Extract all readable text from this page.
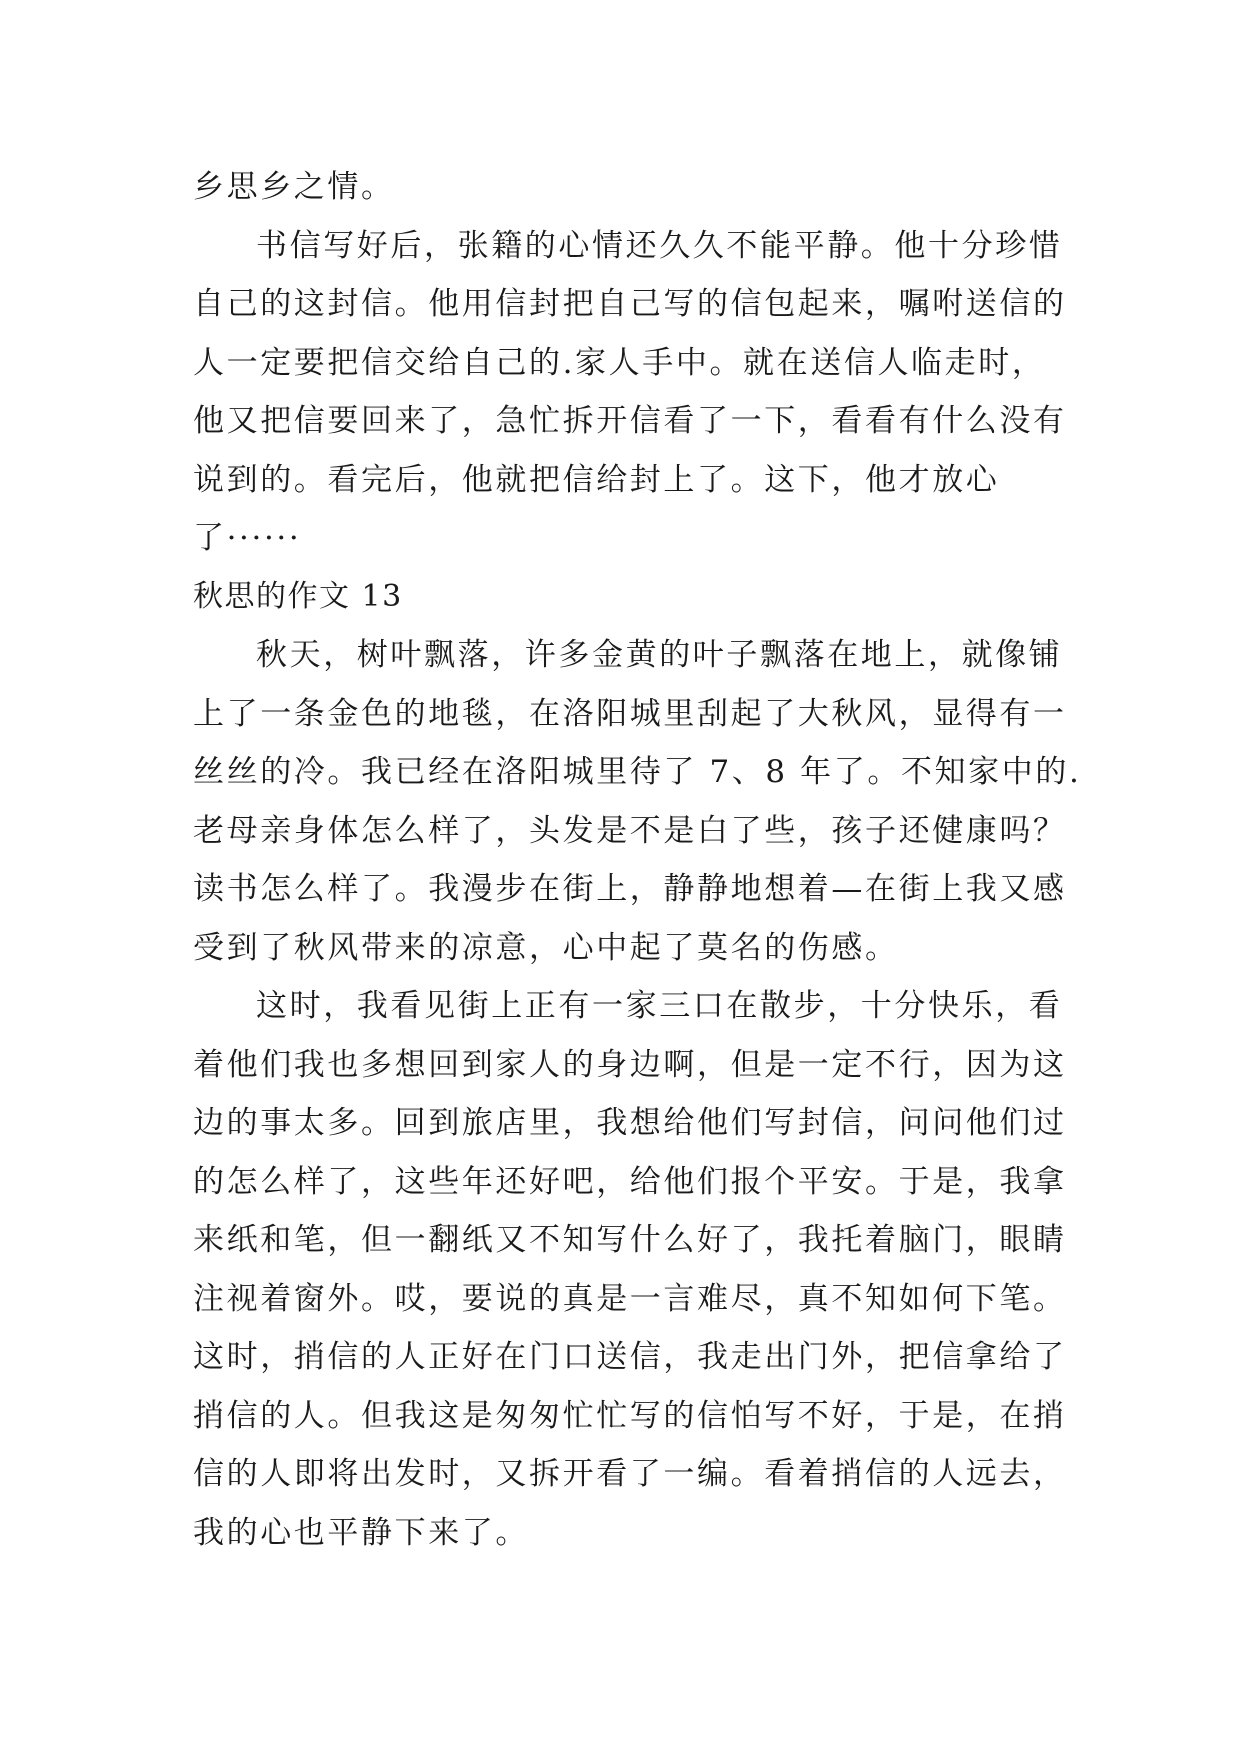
乡思乡之情。
书信写好后，张籍的心情还久久不能平静。他十分珍惜
自己的这封信。他用信封把自己写的信包起来，嘱咐送信的
人一定要把信交给自己的.家人手中。就在送信人临走时，
他又把信要回来了，急忙拆开信看了一下，看看有什么没有
说到的。看完后，他就把信给封上了。这下，他才放心
了······
秋思的作文 13
秋天，树叶飘落，许多金黄的叶子飘落在地上，就像铺
上了一条金色的地毯，在洛阳城里刮起了大秋风，显得有一
丝丝的冷。我已经在洛阳城里待了 7、8 年了。不知家中的.
老母亲身体怎么样了，头发是不是白了些，孩子还健康吗？
读书怎么样了。我漫步在街上，静静地想着—在街上我又感
受到了秋风带来的凉意，心中起了莫名的伤感。
这时，我看见街上正有一家三口在散步，十分快乐，看
着他们我也多想回到家人的身边啊，但是一定不行，因为这
边的事太多。回到旅店里，我想给他们写封信，问问他们过
的怎么样了，这些年还好吧，给他们报个平安。于是，我拿
来纸和笔，但一翻纸又不知写什么好了，我托着脑门，眼睛
注视着窗外。哎，要说的真是一言难尽，真不知如何下笔。
这时，捎信的人正好在门口送信，我走出门外，把信拿给了
捎信的人。但我这是匆匆忙忙写的信怕写不好，于是，在捎
信的人即将出发时，又拆开看了一编。看着捎信的人远去，
我的心也平静下来了。
